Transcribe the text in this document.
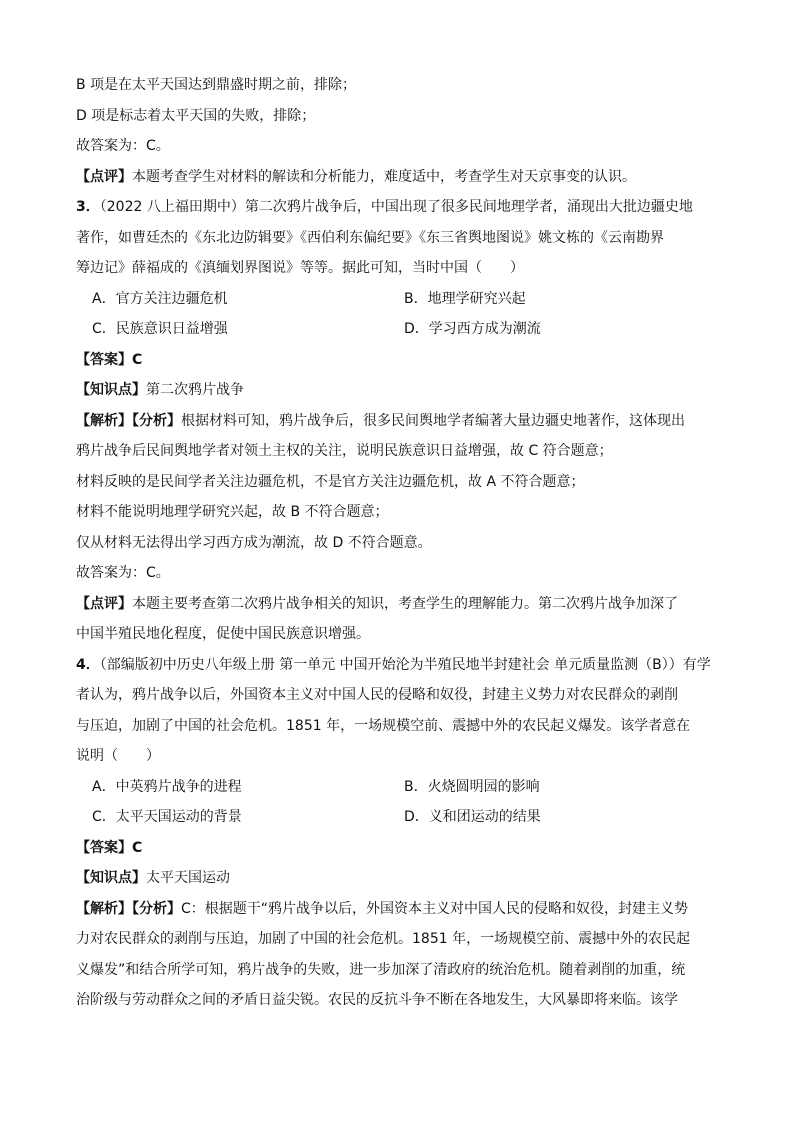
B 项是在太平天国达到鼎盛时期之前，排除；
D 项是标志着太平天国的失败，排除；
故答案为：C。
【点评】本题考查学生对材料的解读和分析能力，难度适中，考查学生对天京事变的认识。
3．（2022 八上福田期中）第二次鸦片战争后，中国出现了很多民间地理学者，涌现出大批边疆史地
著作，如曹廷杰的《东北边防辑要》《西伯利东偏纪要》《东三省舆地图说》姚文栋的《云南勘界
筹边记》薛福成的《滇缅划界图说》等等。据此可知，当时中国（　　）
A．官方关注边疆危机	B．地理学研究兴起
C．民族意识日益增强	D．学习西方成为潮流
【答案】C
【知识点】第二次鸦片战争
【解析】【分析】根据材料可知，鸦片战争后，很多民间舆地学者编著大量边疆史地著作，这体现出
鸦片战争后民间舆地学者对领土主权的关注，说明民族意识日益增强，故 C 符合题意；
材料反映的是民间学者关注边疆危机，不是官方关注边疆危机，故 A 不符合题意；
材料不能说明地理学研究兴起，故 B 不符合题意；
仅从材料无法得出学习西方成为潮流，故 D 不符合题意。
故答案为：C。
【点评】本题主要考查第二次鸦片战争相关的知识，考查学生的理解能力。第二次鸦片战争加深了
中国半殖民地化程度，促使中国民族意识增强。
4．（部编版初中历史八年级上册 第一单元 中国开始沦为半殖民地半封建社会 单元质量监测（B））有学
者认为，鸦片战争以后，外国资本主义对中国人民的侵略和奴役，封建主义势力对农民群众的剥削
与压迫，加剧了中国的社会危机。1851 年，一场规模空前、震撼中外的农民起义爆发。该学者意在
说明（　　）
A．中英鸦片战争的进程	B．火烧圆明园的影响
C．太平天国运动的背景	D．义和团运动的结果
【答案】C
【知识点】太平天国运动
【解析】【分析】C：根据题干“鸦片战争以后，外国资本主义对中国人民的侵略和奴役，封建主义势
力对农民群众的剥削与压迫，加剧了中国的社会危机。1851 年，一场规模空前、震撼中外的农民起
义爆发”和结合所学可知，鸦片战争的失败，进一步加深了清政府的统治危机。随着剥削的加重，统
治阶级与劳动群众之间的矛盾日益尖锐。农民的反抗斗争不断在各地发生，大风暴即将来临。该学
